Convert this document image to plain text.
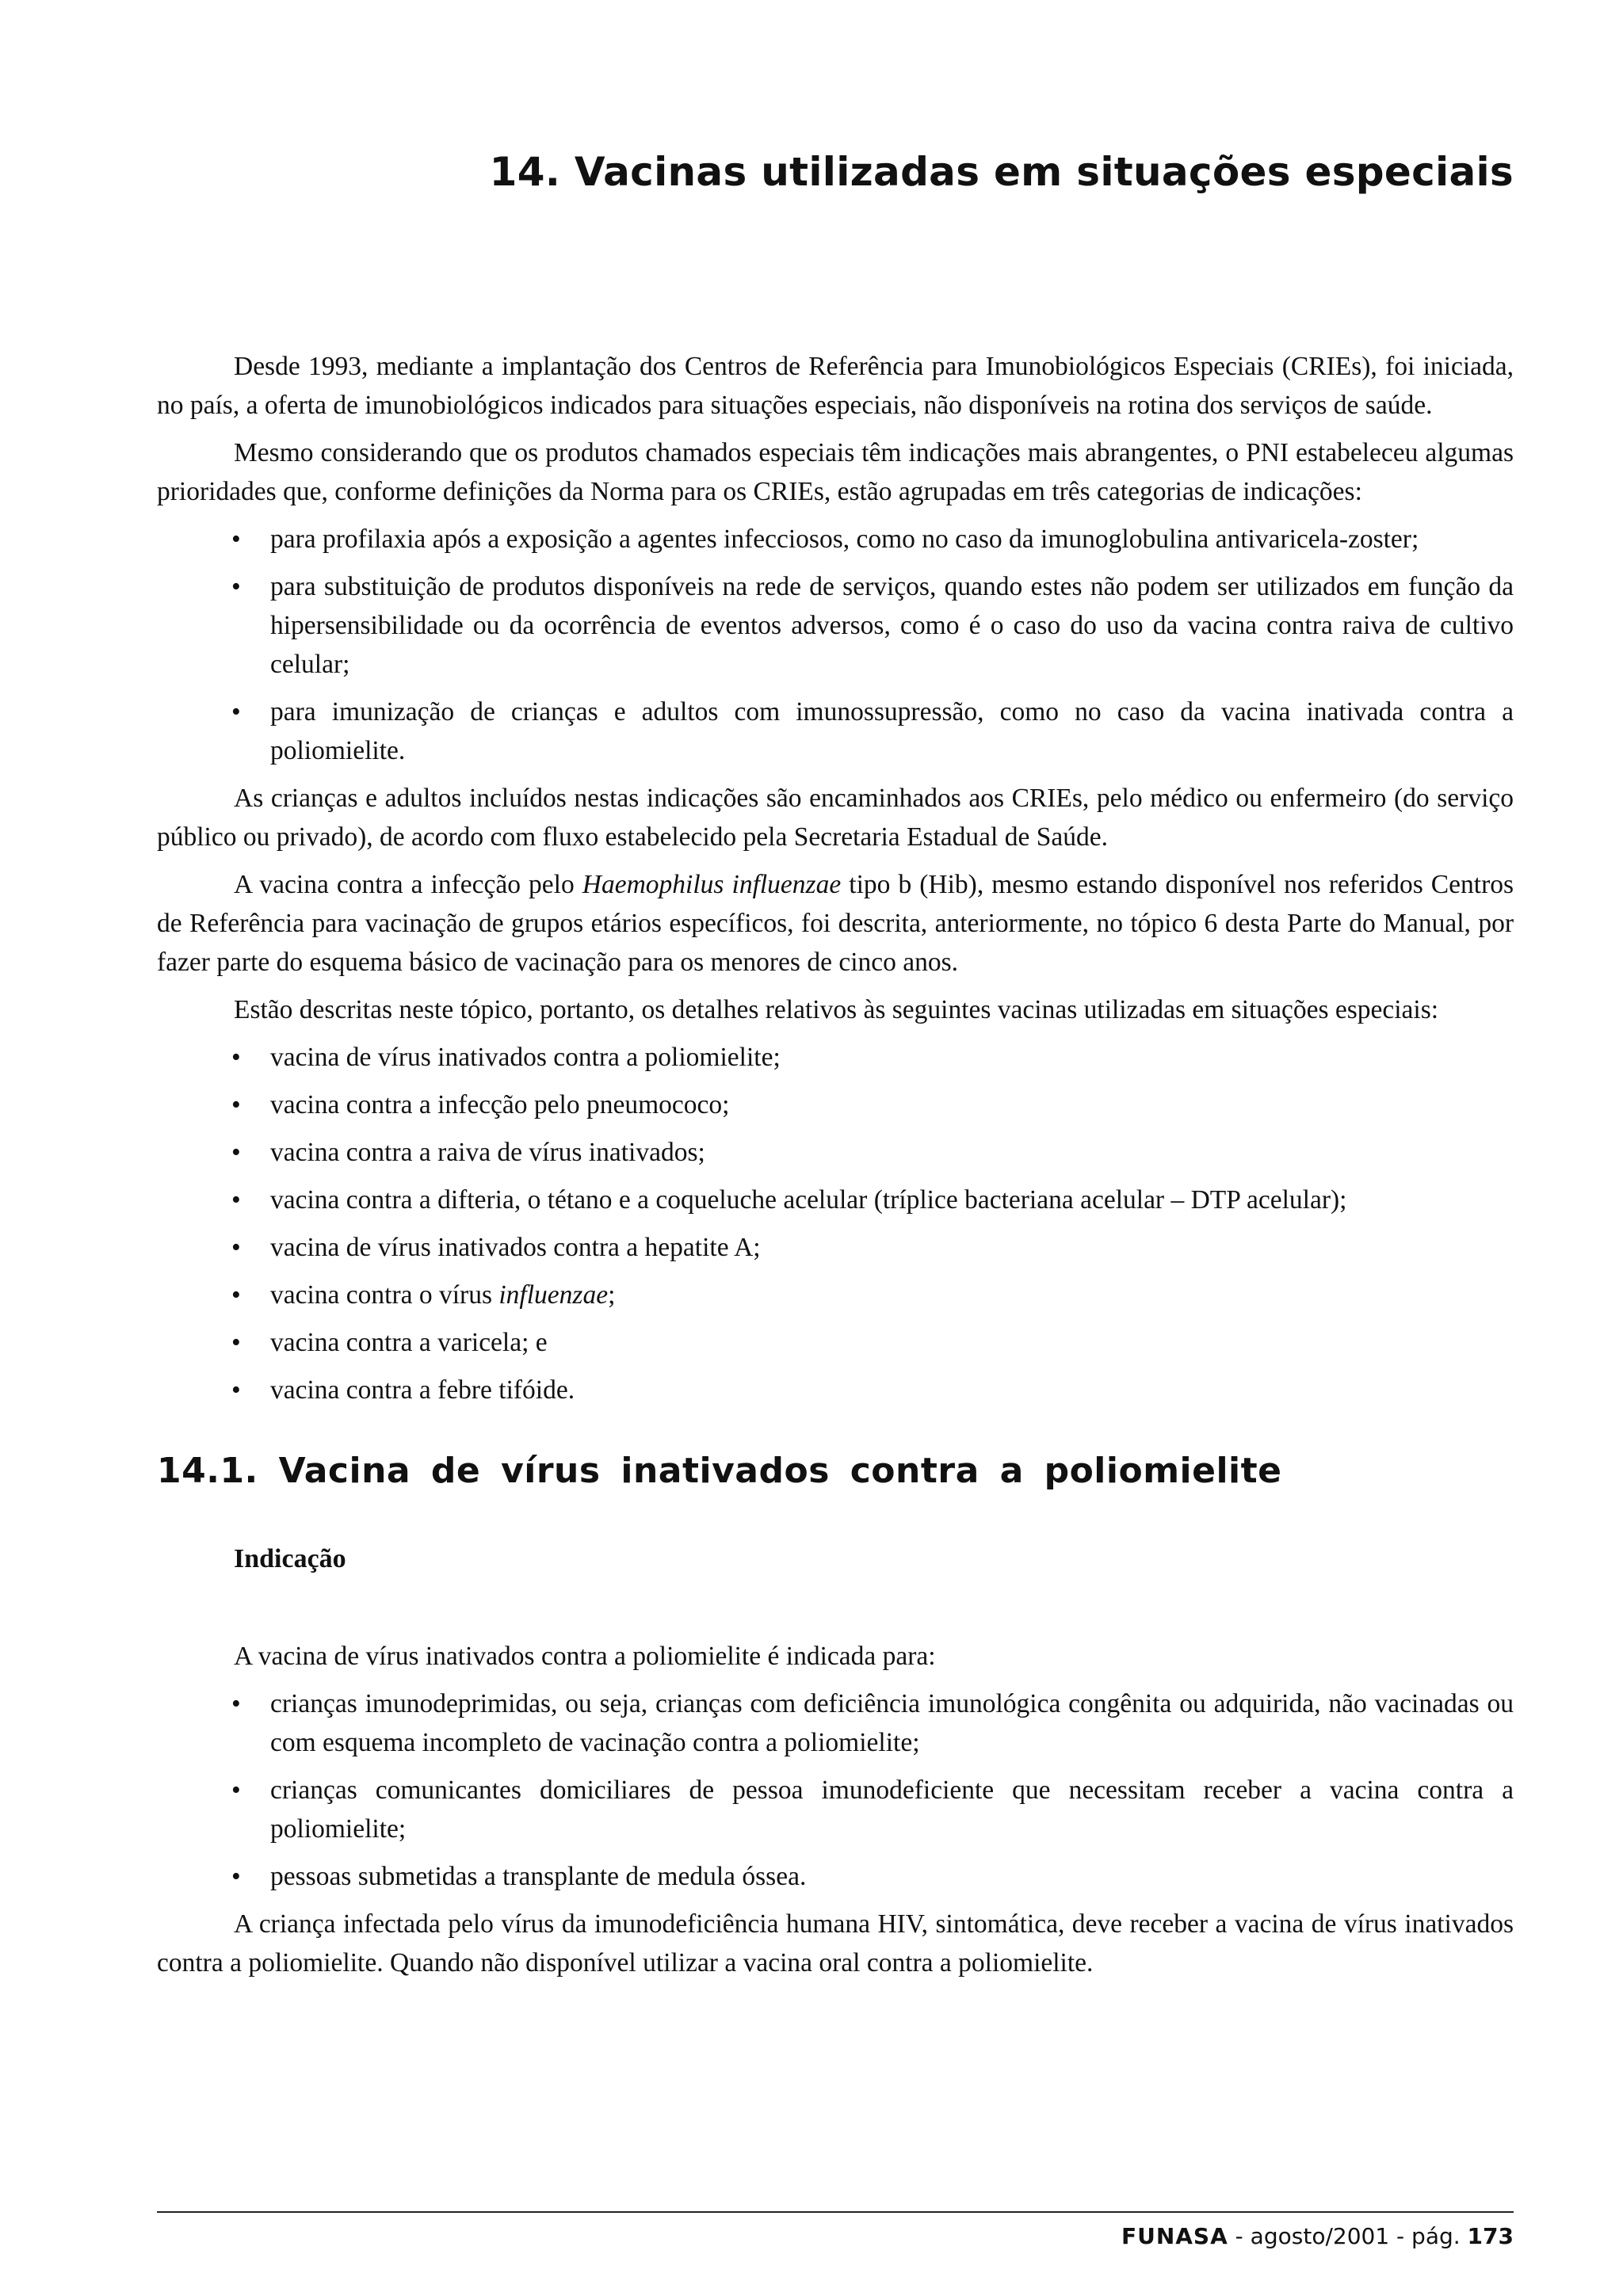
14. Vacinas utilizadas em situações especiais

Desde 1993, mediante a implantação dos Centros de Referência para Imunobiológicos Especiais (CRIEs), foi iniciada, no país, a oferta de imunobiológicos indicados para situações especiais, não disponíveis na rotina dos serviços de saúde.

Mesmo considerando que os produtos chamados especiais têm indicações mais abrangentes, o PNI estabeleceu algumas prioridades que, conforme definições da Norma para os CRIEs, estão agrupadas em três categorias de indicações:

• para profilaxia após a exposição a agentes infecciosos, como no caso da imunoglobulina antivaricela-zoster;
• para substituição de produtos disponíveis na rede de serviços, quando estes não podem ser utilizados em função da hipersensibilidade ou da ocorrência de eventos adversos, como é o caso do uso da vacina contra raiva de cultivo celular;
• para imunização de crianças e adultos com imunossupressão, como no caso da vacina inativada contra a poliomielite.

As crianças e adultos incluídos nestas indicações são encaminhados aos CRIEs, pelo médico ou enfermeiro (do serviço público ou privado), de acordo com fluxo estabelecido pela Secretaria Estadual de Saúde.

A vacina contra a infecção pelo Haemophilus influenzae tipo b (Hib), mesmo estando disponível nos referidos Centros de Referência para vacinação de grupos etários específicos, foi descrita, anteriormente, no tópico 6 desta Parte do Manual, por fazer parte do esquema básico de vacinação para os menores de cinco anos.

Estão descritas neste tópico, portanto, os detalhes relativos às seguintes vacinas utilizadas em situações especiais:

• vacina de vírus inativados contra a poliomielite;
• vacina contra a infecção pelo pneumococo;
• vacina contra a raiva de vírus inativados;
• vacina contra a difteria, o tétano e a coqueluche acelular (tríplice bacteriana acelular – DTP acelular);
• vacina de vírus inativados contra a hepatite A;
• vacina contra o vírus influenzae;
• vacina contra a varicela; e
• vacina contra a febre tifóide.
14.1. Vacina de vírus inativados contra a poliomielite
Indicação

A vacina de vírus inativados contra a poliomielite é indicada para:

• crianças imunodeprimidas, ou seja, crianças com deficiência imunológica congênita ou adquirida, não vacinadas ou com esquema incompleto de vacinação contra a poliomielite;
• crianças comunicantes domiciliares de pessoa imunodeficiente que necessitam receber a vacina contra a poliomielite;
• pessoas submetidas a transplante de medula óssea.

A criança infectada pelo vírus da imunodeficiência humana HIV, sintomática, deve receber a vacina de vírus inativados contra a poliomielite. Quando não disponível utilizar a vacina oral contra a poliomielite.

FUNASA - agosto/2001 - pág. 173
